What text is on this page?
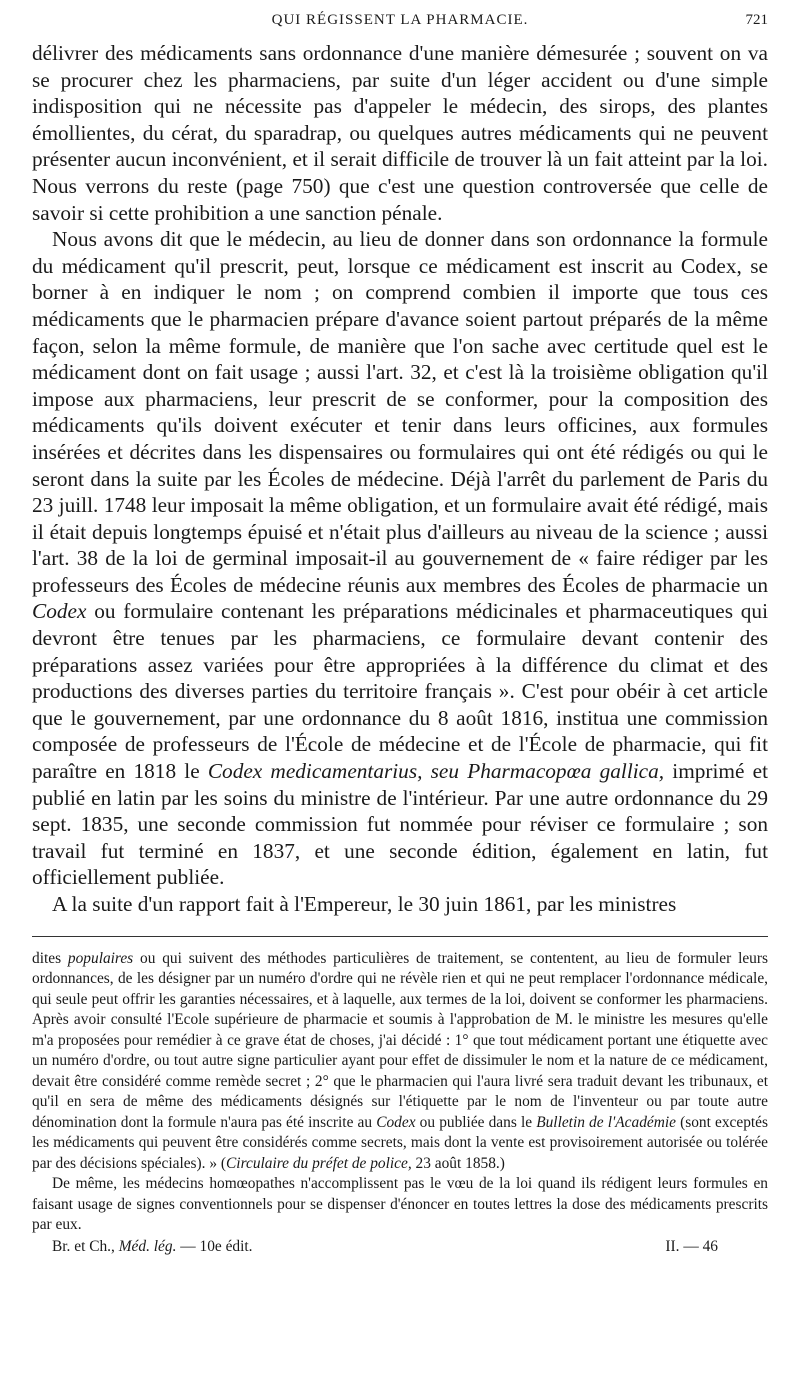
QUI RÉGISSENT LA PHARMACIE.	721

délivrer des médicaments sans ordonnance d'une manière démesurée ; souvent on va se procurer chez les pharmaciens, par suite d'un léger accident ou d'une simple indisposition qui ne nécessite pas d'appeler le médecin, des sirops, des plantes émollientes, du cérat, du sparadrap, ou quelques autres médicaments qui ne peuvent présenter aucun inconvénient, et il serait difficile de trouver là un fait atteint par la loi. Nous verrons du reste (page 750) que c'est une question controversée que celle de savoir si cette prohibition a une sanction pénale.

Nous avons dit que le médecin, au lieu de donner dans son ordonnance la formule du médicament qu'il prescrit, peut, lorsque ce médicament est inscrit au Codex, se borner à en indiquer le nom ; on comprend combien il importe que tous ces médicaments que le pharmacien prépare d'avance soient partout préparés de la même façon, selon la même formule, de manière que l'on sache avec certitude quel est le médicament dont on fait usage ; aussi l'art. 32, et c'est là la troisième obligation qu'il impose aux pharmaciens, leur prescrit de se conformer, pour la composition des médicaments qu'ils doivent exécuter et tenir dans leurs officines, aux formules insérées et décrites dans les dispensaires ou formulaires qui ont été rédigés ou qui le seront dans la suite par les Écoles de médecine. Déjà l'arrêt du parlement de Paris du 23 juill. 1748 leur imposait la même obligation, et un formulaire avait été rédigé, mais il était depuis longtemps épuisé et n'était plus d'ailleurs au niveau de la science ; aussi l'art. 38 de la loi de germinal imposait-il au gouvernement de « faire rédiger par les professeurs des Écoles de médecine réunis aux membres des Écoles de pharmacie un Codex ou formulaire contenant les préparations médicinales et pharmaceutiques qui devront être tenues par les pharmaciens, ce formulaire devant contenir des préparations assez variées pour être appropriées à la différence du climat et des productions des diverses parties du territoire français ». C'est pour obéir à cet article que le gouvernement, par une ordonnance du 8 août 1816, institua une commission composée de professeurs de l'École de médecine et de l'École de pharmacie, qui fit paraître en 1818 le Codex medicamentarius, seu Pharmacopœa gallica, imprimé et publié en latin par les soins du ministre de l'intérieur. Par une autre ordonnance du 29 sept. 1835, une seconde commission fut nommée pour réviser ce formulaire ; son travail fut terminé en 1837, et une seconde édition, également en latin, fut officiellement publiée.

A la suite d'un rapport fait à l'Empereur, le 30 juin 1861, par les ministres

dites populaires ou qui suivent des méthodes particulières de traitement, se contentent, au lieu de formuler leurs ordonnances, de les désigner par un numéro d'ordre qui ne révèle rien et qui ne peut remplacer l'ordonnance médicale, qui seule peut offrir les garanties nécessaires, et à laquelle, aux termes de la loi, doivent se conformer les pharmaciens. Après avoir consulté l'Ecole supérieure de pharmacie et soumis à l'approbation de M. le ministre les mesures qu'elle m'a proposées pour remédier à ce grave état de choses, j'ai décidé : 1° que tout médicament portant une étiquette avec un numéro d'ordre, ou tout autre signe particulier ayant pour effet de dissimuler le nom et la nature de ce médicament, devait être considéré comme remède secret ; 2° que le pharmacien qui l'aura livré sera traduit devant les tribunaux, et qu'il en sera de même des médicaments désignés sur l'étiquette par le nom de l'inventeur ou par toute autre dénomination dont la formule n'aura pas été inscrite au Codex ou publiée dans le Bulletin de l'Académie (sont exceptés les médicaments qui peuvent être considérés comme secrets, mais dont la vente est provisoirement autorisée ou tolérée par des décisions spéciales). » (Circulaire du préfet de police, 23 août 1858.)

De même, les médecins homœopathes n'accomplissent pas le vœu de la loi quand ils rédigent leurs formules en faisant usage de signes conventionnels pour se dispenser d'énoncer en toutes lettres la dose des médicaments prescrits par eux.

Br. et Ch., Méd. lég. — 10e édit.	II. — 46
